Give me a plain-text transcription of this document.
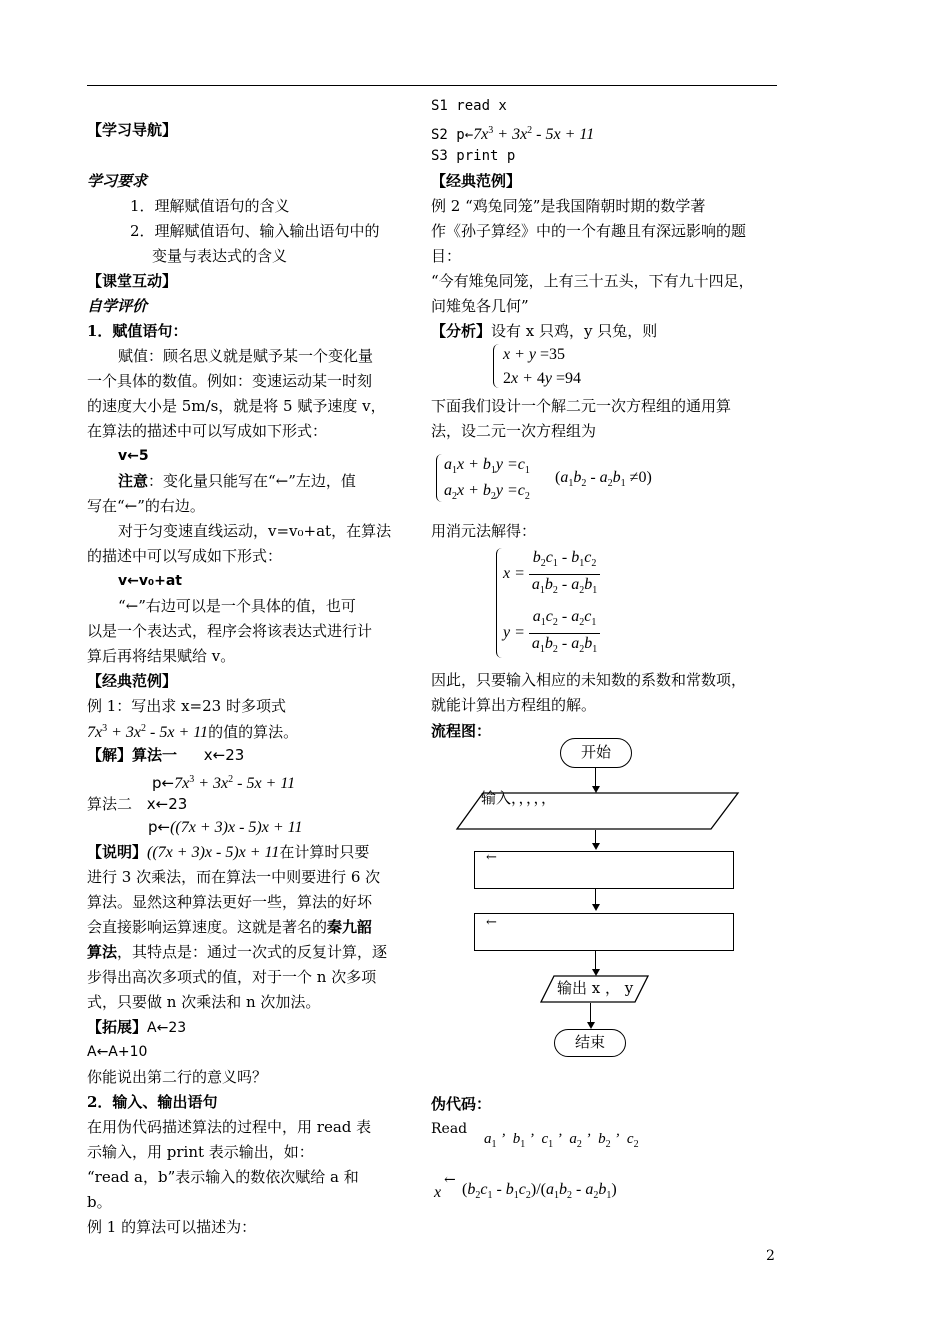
【学习导航】
学习要求
1．理解赋值语句的含义
2．理解赋值语句、输入输出语句中的
变量与表达式的含义
【课堂互动】
自学评价
1．赋值语句：
赋值：顾名思义就是赋予某一个变化量
一个具体的数值。例如：变速运动某一时刻
的速度大小是 5m/s，就是将 5 赋予速度 v，
在算法的描述中可以写成如下形式：
v←5
注意：变化量只能写在“←”左边，值
写在“←”的右边。
对于匀变速直线运动，v=v₀+at，在算法
的描述中可以写成如下形式：
v←v₀+at
“←”右边可以是一个具体的值，也可
以是一个表达式，程序会将该表达式进行计
算后再将结果赋给 v。
【经典范例】
例 1：写出求 x=23 时多项式
$7x^3 + 3x^2 - 5x + 11$的值的算法。
【解】算法一 x←23
$p\leftarrow 7x^3 + 3x^2 - 5x + 11$
算法二 x←23
p←((7x + 3)x - 5)x + 11
【说明】((7x + 3)x - 5)x + 11在计算时只要
进行 3 次乘法，而在算法一中则要进行 6 次
算法。显然这种算法更好一些，算法的好坏
会直接影响运算速度。这就是著名的秦九韶
算法，其特点是：通过一次式的反复计算，逐
步得出高次多项式的值，对于一个 n 次多项
式，只要做 n 次乘法和 n 次加法。
【拓展】A←23
A←A+10
你能说出第二行的意义吗？
2．输入、输出语句
在用伪代码描述算法的过程中，用 read 表
示输入，用 print 表示输出，如：
“read a，b”表示输入的数依次赋给 a 和
b。
例 1 的算法可以描述为：
S1 read x
S2 $p\leftarrow 7x^3 + 3x^2 - 5x + 11$
S3 print p
【经典范例】
例 2 “鸡兔同笼”是我国隋朝时期的数学著
作《孙子算经》中的一个有趣且有深远影响的题
目：
“今有雉兔同笼，上有三十五头，下有九十四足，
问雉兔各几何”
【分析】设有 x 只鸡，y 只兔，则
x + y =35
2x + 4y =94
下面我们设计一个解二元一次方程组的通用算
法，设二元一次方程组为
$a_1x + b_1y =c_1$
$a_2x + b_2y =c_2$
$(a_1b_2 - a_2b_1 \ne 0)$
用消元法解得：
$x = \frac{b_2c_1 - b_1c_2}{a_1b_2 - a_2b_1}$
$y = \frac{a_1c_2 - a_2c_1}{a_1b_2 - a_2b_1}$
因此，只要输入相应的未知数的系数和常数项，
就能计算出方程组的解。
流程图：
开始
输入，，，，，
←
←
输出 x ， y
结束
伪代码：
Read
$a_1$ ’  $b_1$ ’  $c_1$ ’  $a_2$ ’  $b_2$ ’  $c_2$
x
←
$(b_2c_1 - b_1c_2)/(a_1b_2 - a_2b_1)$
2
